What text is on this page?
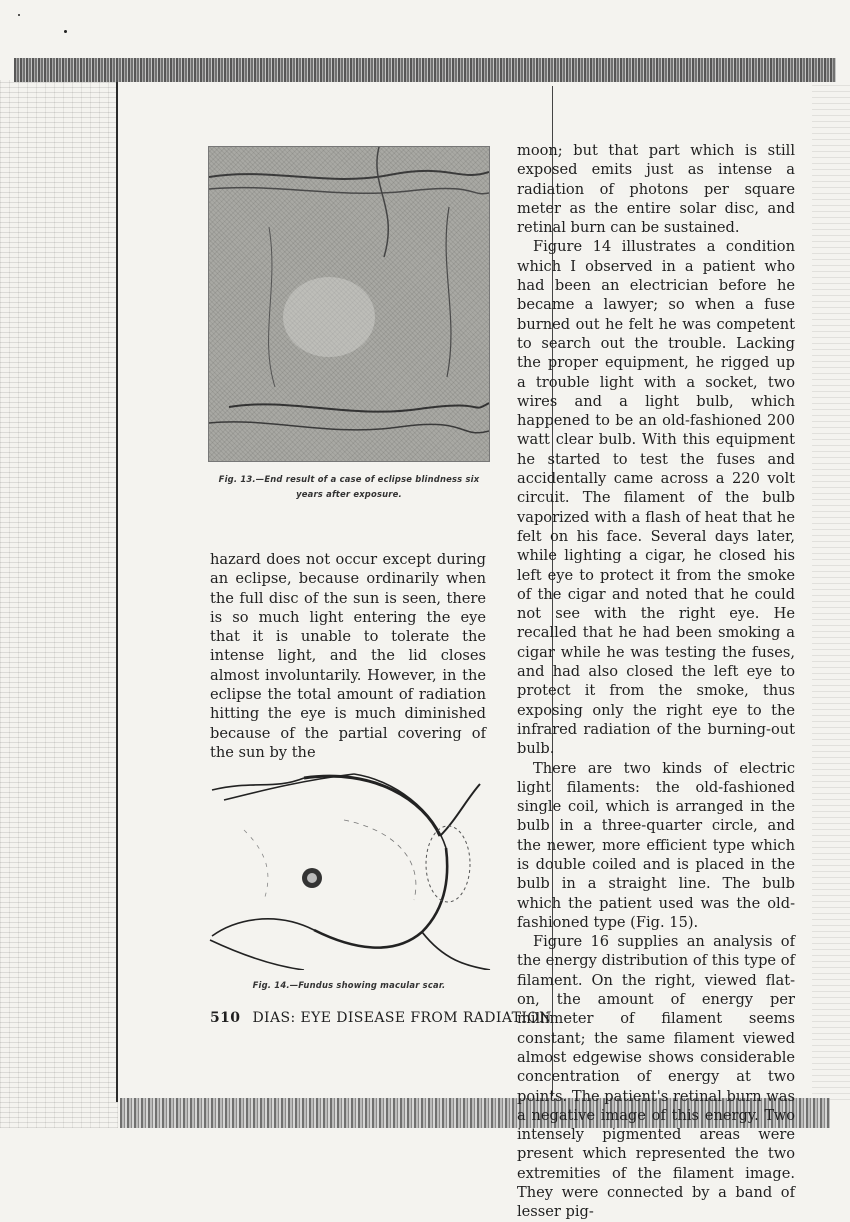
Fig. 13.—End result of a case of eclipse blindness six years after exposure.

hazard does not occur except during an eclipse, because ordinarily when the full disc of the sun is seen, there is so much light entering the eye that it is unable to tolerate the intense light, and the lid closes almost involuntarily. However, in the eclipse the total amount of radiation hitting the eye is much diminished because of the partial covering of the sun by the

Fig. 14.—Fundus showing macular scar.

moon; but that part which is still exposed emits just as intense a radiation of photons per square meter as the entire solar disc, and retinal burn can be sustained.

Figure 14 illustrates a condition which I observed in a patient who had been an electrician before he became a lawyer; so when a fuse burned out he felt he was competent to search out the trouble. Lacking the proper equipment, he rigged up a trouble light with a socket, two wires and a light bulb, which happened to be an old-fashioned 200 watt clear bulb. With this equipment he started to test the fuses and accidentally came across a 220 volt circuit. The filament of the bulb vaporized with a flash of heat that he felt on his face. Several days later, while lighting a cigar, he closed his left eye to protect it from the smoke of the cigar and noted that he could not see with the right eye. He recalled that he had been smoking a cigar while he was testing the fuses, and had also closed the left eye to protect it from the smoke, thus exposing only the right eye to the infrared radiation of the burning-out bulb.

There are two kinds of electric light filaments: the old-fashioned single coil, which is arranged in the bulb in a three-quarter circle, and the newer, more efficient type which is double coiled and is placed in the bulb in a straight line. The bulb which the patient used was the old-fashioned type (Fig. 15).

Figure 16 supplies an analysis of the energy distribution of this type of filament. On the right, viewed flat-on, the amount of energy per millimeter of filament seems constant; the same filament viewed almost edgewise shows considerable concentration of energy at two points. The patient's retinal burn was a negative image of this energy. Two intensely pigmented areas were present which represented the two extremities of the filament image. They were connected by a band of lesser pig-

510 DIAS: EYE DISEASE FROM RADIATION
